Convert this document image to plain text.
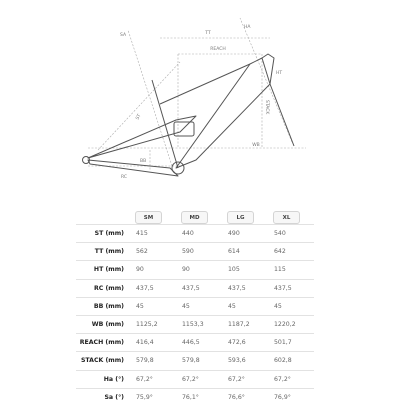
TT
REACH
STACK
WB
RC
ST
HT
BB
HA
SA
	SM	MD	LG	XL
ST (mm)	415	440	490	540
TT (mm)	562	590	614	642
HT (mm)	90	90	105	115
RC (mm)	437,5	437,5	437,5	437,5
BB (mm)	45	45	45	45
WB (mm)	1125,2	1153,3	1187,2	1220,2
REACH (mm)	416,4	446,5	472,6	501,7
STACK (mm)	579,8	579,8	593,6	602,8
Ha (°)	67,2°	67,2°	67,2°	67,2°
Sa (°)	75,9°	76,1°	76,6°	76,9°
